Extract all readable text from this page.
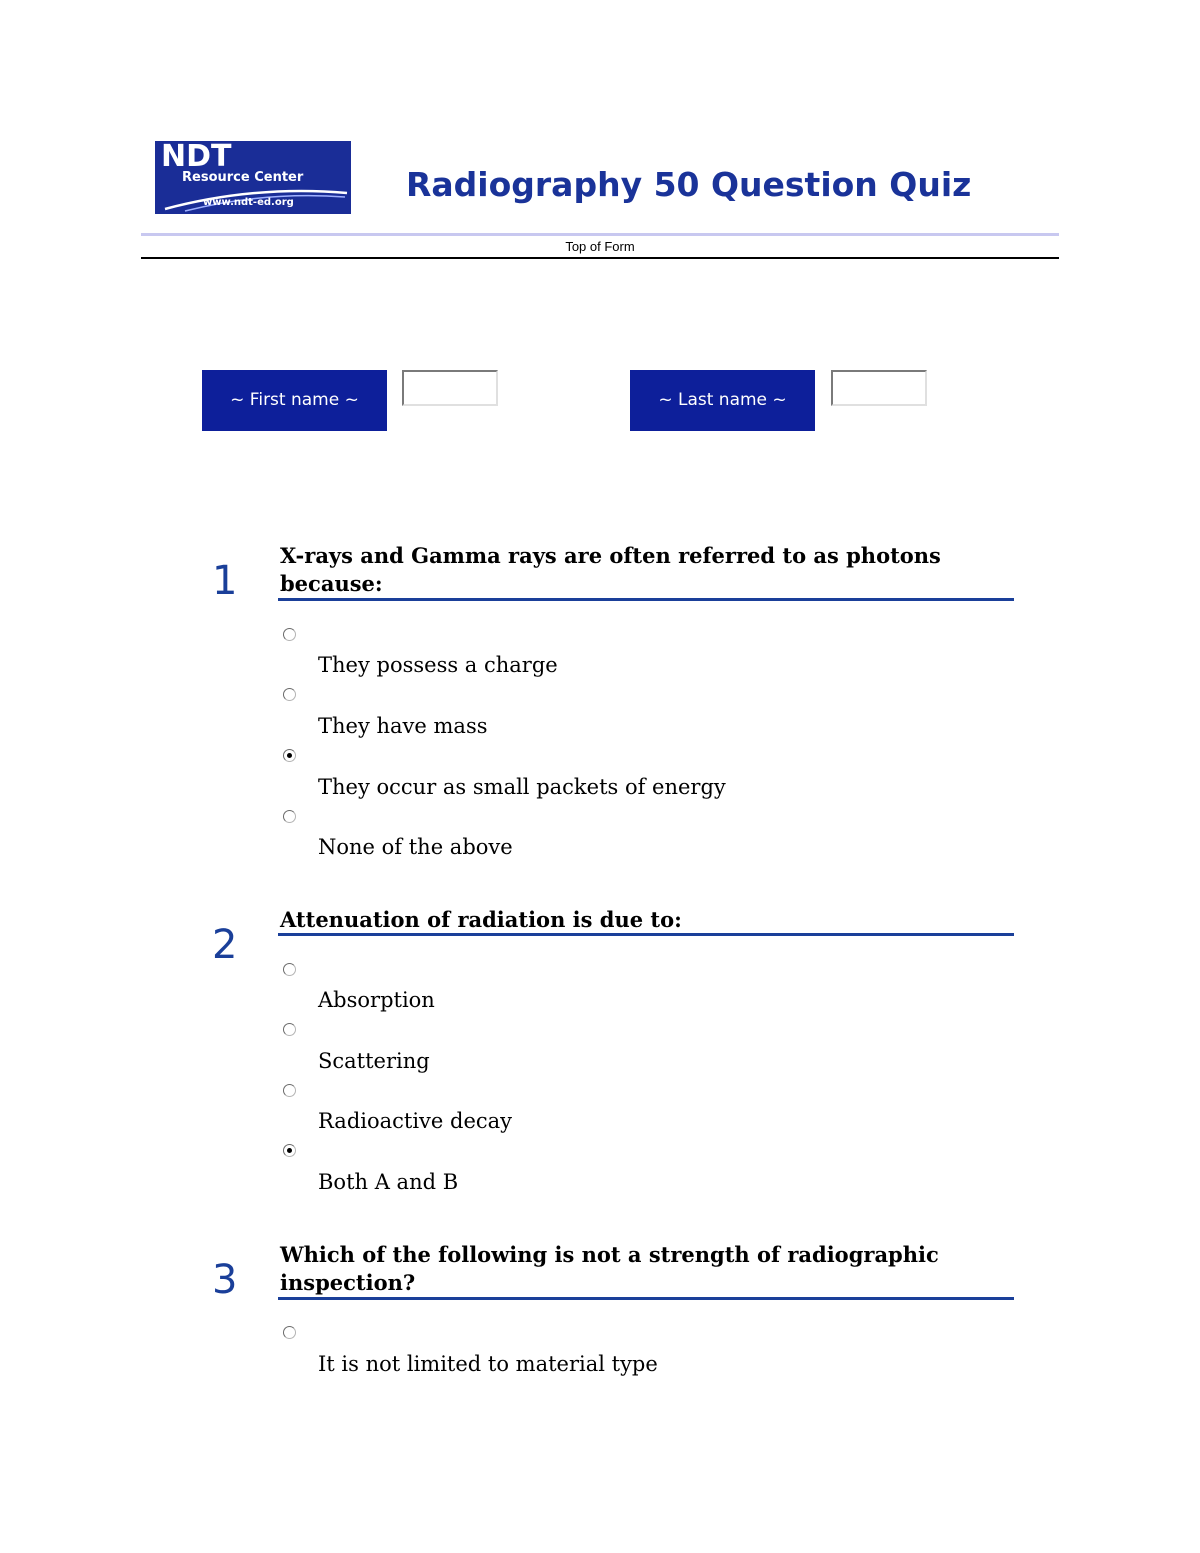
NDT
Resource Center
www.ndt-ed.org	Radiography 50 Question Quiz
Top of Form
~ First name ~	~ Last name ~
1
X-rays and Gamma rays are often referred to as photons because:
They possess a charge
They have mass
They occur as small packets of energy
None of the above
2
Attenuation of radiation is due to:
Absorption
Scattering
Radioactive decay
Both A and B
3
Which of the following is not a strength of radiographic inspection?
It is not limited to material type
